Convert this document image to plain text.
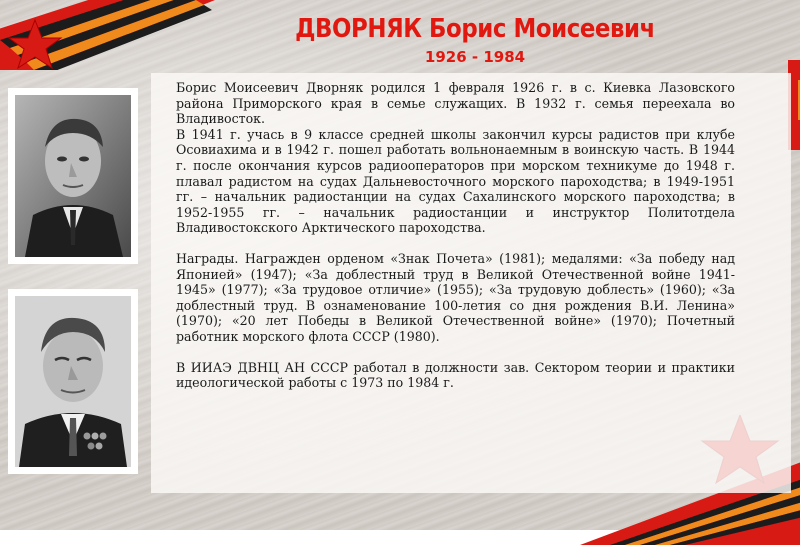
ДВОРНЯК Борис Моисеевич
1926 - 1984

Борис Моисеевич Дворняк родился 1 февраля 1926 г. в с. Киевка Лазовского района Приморского края в семье служащих. В 1932 г. семья переехала во Владивосток.

В 1941 г. учась в 9 классе средней школы закончил курсы радистов при клубе Осовиахима и в 1942 г. пошел работать вольнонаемным в воинскую часть. В 1944 г. после окончания курсов радиооператоров при морском техникуме до 1948 г. плавал радистом на судах Дальневосточного морского пароходства; в 1949-1951 гг. – начальник радиостанции на судах Сахалинского морского пароходства; в 1952-1955 гг. – начальник радиостанции и инструктор Политотдела Владивостокского Арктического пароходства.

Награды. Награжден орденом «Знак Почета» (1981); медалями: «За победу над Японией» (1947); «За доблестный труд в Великой Отечественной войне 1941-1945» (1977); «За трудовое отличие» (1955); «За трудовую доблесть» (1960); «За доблестный труд. В ознаменование 100-летия со дня рождения В.И. Ленина» (1970); «20 лет Победы в Великой Отечественной войне» (1970); Почетный работник морского флота СССР (1980).

В ИИАЭ ДВНЦ АН СССР работал в должности зав. Сектором теории и практики идеологической работы с 1973 по 1984 г.
